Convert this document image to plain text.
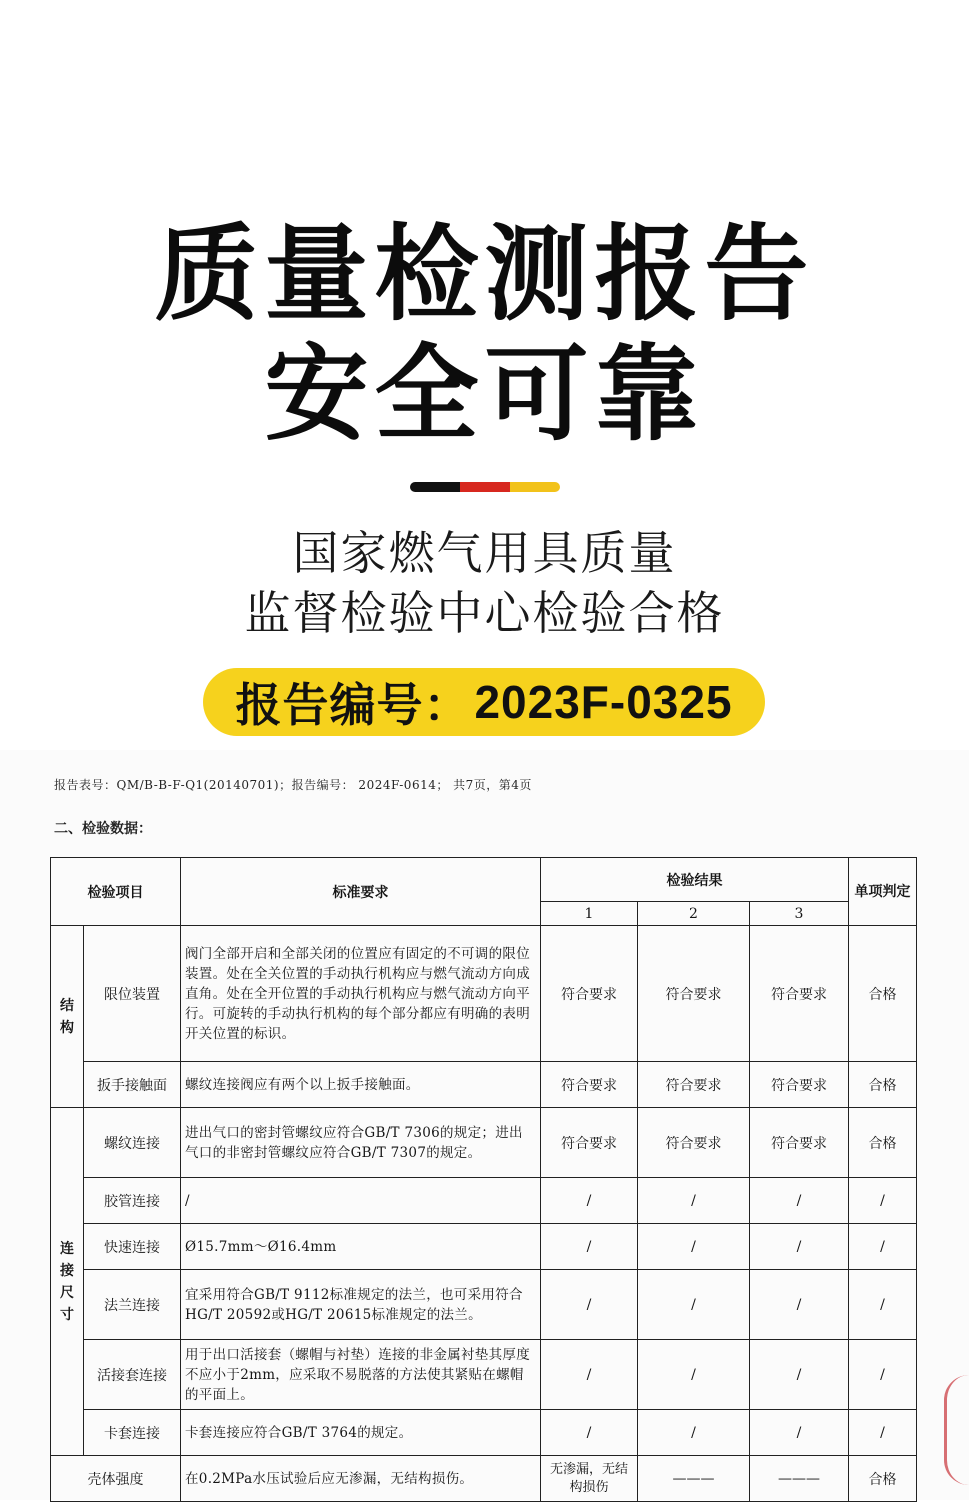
质量检测报告
安全可靠
国家燃气用具质量
监督检验中心检验合格
报告编号： 2023F-0325
报告表号：QM/B-B-F-Q1(20140701)；报告编号： 2024F-0614； 共7页，第4页
二、检验数据：
检验项目		标准要求	检验结果			单项判定
			1	2	3	
结构	限位装置	阀门全部开启和全部关闭的位置应有固定的不可调的限位装置。处在全关位置的手动执行机构应与燃气流动方向成直角。处在全开位置的手动执行机构应与燃气流动方向平行。可旋转的手动执行机构的每个部分都应有明确的表明开关位置的标识。	符合要求	符合要求	符合要求	合格
	扳手接触面	螺纹连接阀应有两个以上扳手接触面。	符合要求	符合要求	符合要求	合格
连接尺寸	螺纹连接	进出气口的密封管螺纹应符合GB/T 7306的规定；进出气口的非密封管螺纹应符合GB/T 7307的规定。	符合要求	符合要求	符合要求	合格
	胶管连接	/	/	/	/	/
	快速连接	Ø15.7mm～Ø16.4mm	/	/	/	/
	法兰连接	宜采用符合GB/T 9112标准规定的法兰，也可采用符合HG/T 20592或HG/T 20615标准规定的法兰。	/	/	/	/
	活接套连接	用于出口活接套（螺帽与衬垫）连接的非金属衬垫其厚度不应小于2mm，应采取不易脱落的方法使其紧贴在螺帽的平面上。	/	/	/	/
	卡套连接	卡套连接应符合GB/T 3764的规定。	/	/	/	/
壳体强度		在0.2MPa水压试验后应无渗漏，无结构损伤。	无渗漏，无结构损伤	———	———	合格
